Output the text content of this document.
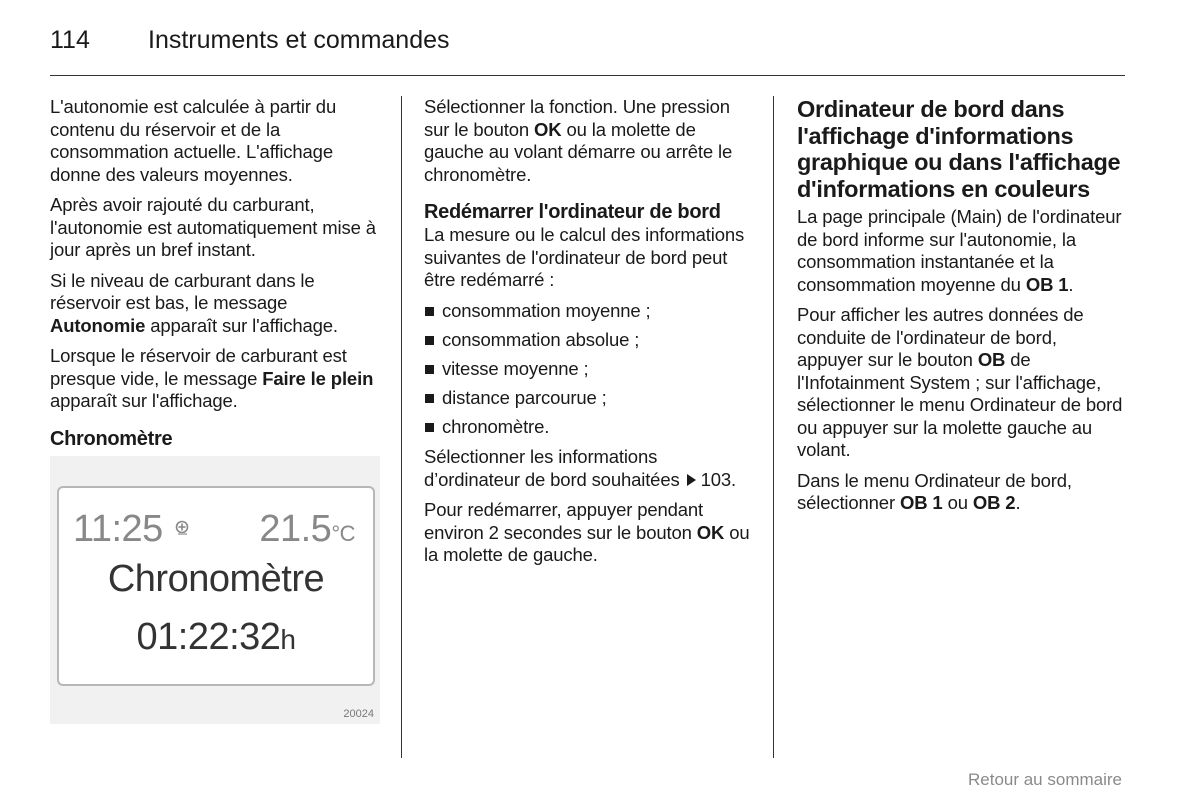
114 Instruments et commandes

L'autonomie est calculée à partir du contenu du réservoir et de la consommation actuelle. L'affichage donne des valeurs moyennes.

Après avoir rajouté du carburant, l'autonomie est automatiquement mise à jour après un bref instant.

Si le niveau de carburant dans le réservoir est bas, le message
Autonomie apparaît sur l'affichage.

Lorsque le réservoir de carburant est presque vide, le message Faire le plein apparaît sur l'affichage.

Chronomètre
11:25	21.5°C
Chronomètre
01:22:32h
20024

Sélectionner la fonction. Une pression sur le bouton OK ou la molette de gauche au volant démarre ou arrête le chronomètre.

Redémarrer l'ordinateur de bord

La mesure ou le calcul des informations suivantes de l'ordinateur de bord peut être redémarré :

consommation moyenne ;
consommation absolue ;
vitesse moyenne ;
distance parcourue ;
chronomètre.

Sélectionner les informations d’ordinateur de bord souhaitées 103.

Pour redémarrer, appuyer pendant environ 2 secondes sur le bouton OK ou la molette de gauche.

Ordinateur de bord dans l'affichage d'informations graphique ou dans l'affichage d'informations en couleurs

La page principale (Main) de l'ordinateur de bord informe sur l'autonomie, la consommation instantanée et la consommation moyenne du OB 1.

Pour afficher les autres données de conduite de l'ordinateur de bord, appuyer sur le bouton OB de l'Infotainment System ; sur l'affichage, sélectionner le menu Ordinateur de bord ou appuyer sur la molette gauche au volant.

Dans le menu Ordinateur de bord, sélectionner OB 1 ou OB 2.

Retour au sommaire
